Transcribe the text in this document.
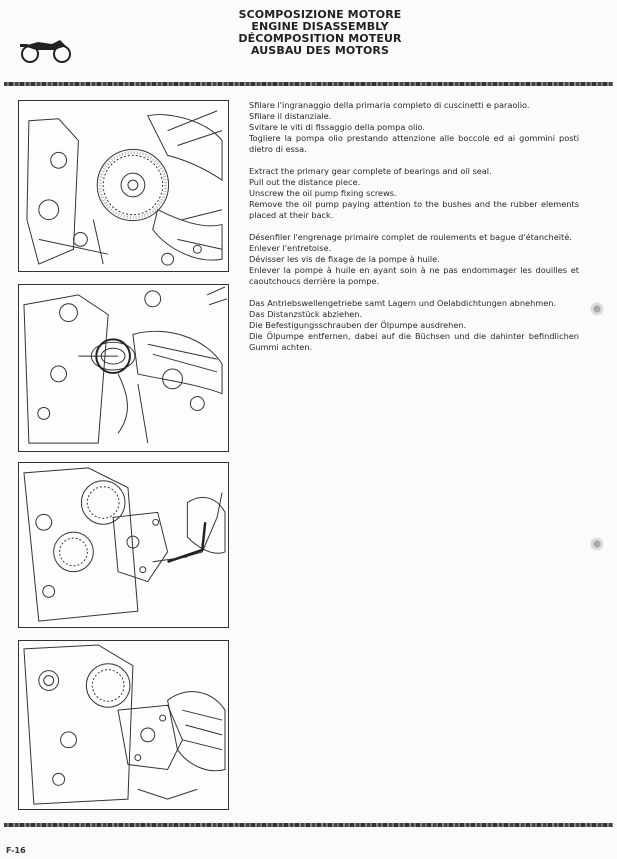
SCOMPOSIZIONE MOTORE
ENGINE DISASSEMBLY
DÉCOMPOSITION MOTEUR
AUSBAU DES MOTORS

Sfilare l'ingranaggio della primaria completo di cuscinetti e paraolio.
Sfilare il distanziale.
Svitare le viti di fissaggio della pompa olio.
Togliere la pompa olio prestando attenzione alle boccole ed ai gommini posti dietro di essa.

Extract the primary gear complete of bearings and oil seal.
Pull out the distance piece.
Unscrew the oil pump fixing screws.
Remove the oil pump paying attention to the bushes and the rubber elements placed at their back.

Désenfiler l'engrenage primaire complet de roulements et bague d'étancheité.
Enlever l'entretoise.
Dévisser les vis de fixage de la pompe à huile.
Enlever la pompe à huile en ayant soin à ne pas endommager les douilles et caoutchoucs derrière la pompe.

Das Antriebswellengetriebe samt Lagern und Oelabdichtungen abnehmen.
Das Distanzstück abziehen.
Die Befestigungsschrauben der Ölpumpe ausdrehen.
Die Ölpumpe entfernen, dabei auf die Büchsen und die dahinter befindlichen Gummi achten.

F-16
